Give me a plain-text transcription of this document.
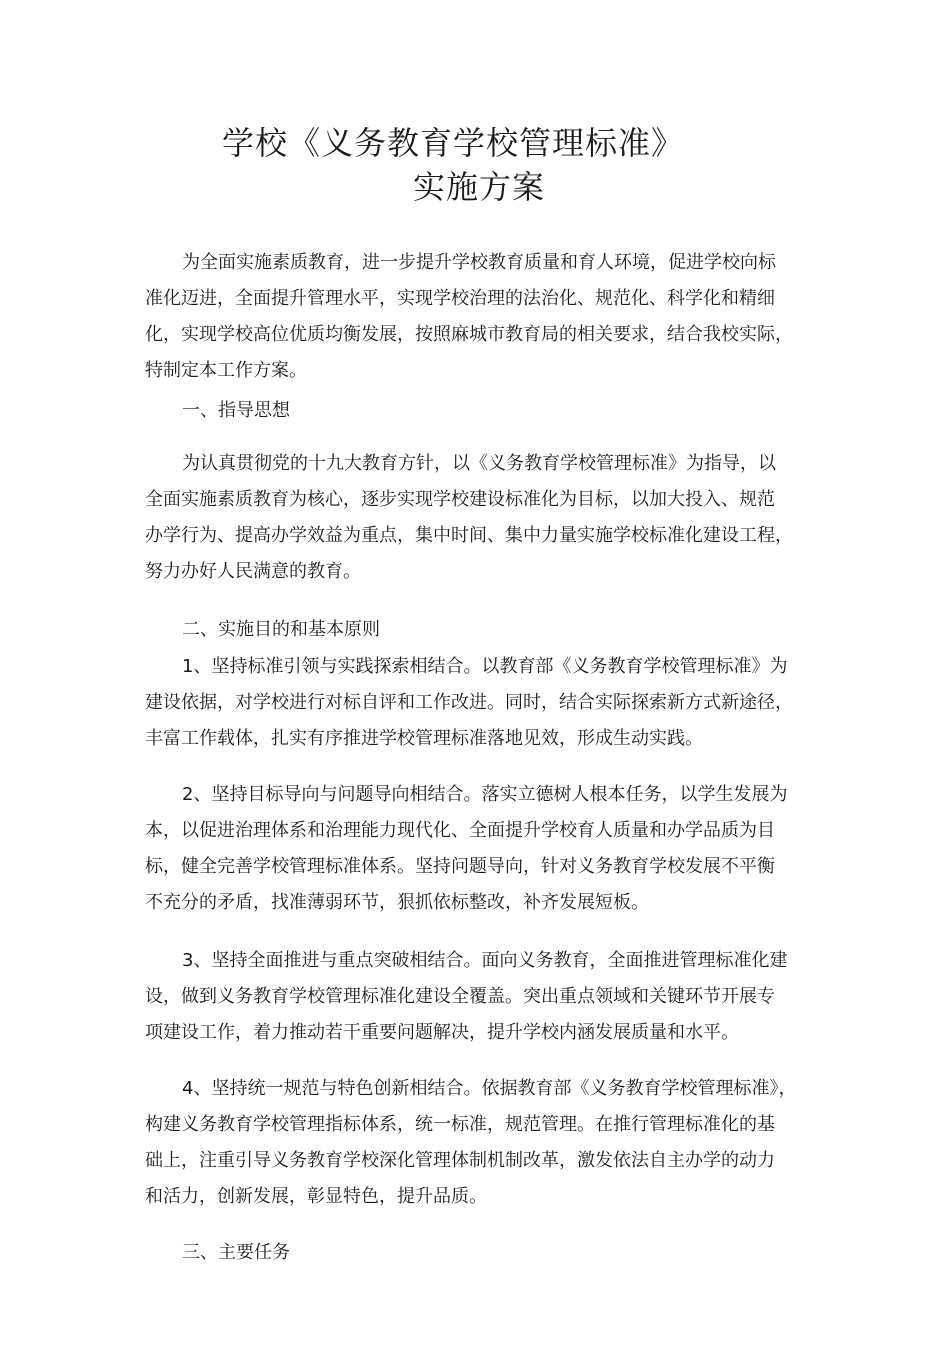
学校《义务教育学校管理标准》
实施方案
为全面实施素质教育，进一步提升学校教育质量和育人环境，促进学校向标
准化迈进，全面提升管理水平，实现学校治理的法治化、规范化、科学化和精细
化，实现学校高位优质均衡发展，按照麻城市教育局的相关要求，结合我校实际，
特制定本工作方案。
一、指导思想
为认真贯彻党的十九大教育方针，以《义务教育学校管理标准》为指导，以
全面实施素质教育为核心，逐步实现学校建设标准化为目标，以加大投入、规范
办学行为、提高办学效益为重点，集中时间、集中力量实施学校标准化建设工程，
努力办好人民满意的教育。
二、实施目的和基本原则
1、坚持标准引领与实践探索相结合。以教育部《义务教育学校管理标准》为
建设依据，对学校进行对标自评和工作改进。同时，结合实际探索新方式新途径，
丰富工作载体，扎实有序推进学校管理标准落地见效，形成生动实践。
2、坚持目标导向与问题导向相结合。落实立德树人根本任务，以学生发展为
本，以促进治理体系和治理能力现代化、全面提升学校育人质量和办学品质为目
标，健全完善学校管理标准体系。坚持问题导向，针对义务教育学校发展不平衡
不充分的矛盾，找准薄弱环节，狠抓依标整改，补齐发展短板。
3、坚持全面推进与重点突破相结合。面向义务教育，全面推进管理标准化建
设，做到义务教育学校管理标准化建设全覆盖。突出重点领域和关键环节开展专
项建设工作，着力推动若干重要问题解决，提升学校内涵发展质量和水平。
4、坚持统一规范与特色创新相结合。依据教育部《义务教育学校管理标准》，
构建义务教育学校管理指标体系，统一标准，规范管理。在推行管理标准化的基
础上，注重引导义务教育学校深化管理体制机制改革，激发依法自主办学的动力
和活力，创新发展，彰显特色，提升品质。
三、主要任务
